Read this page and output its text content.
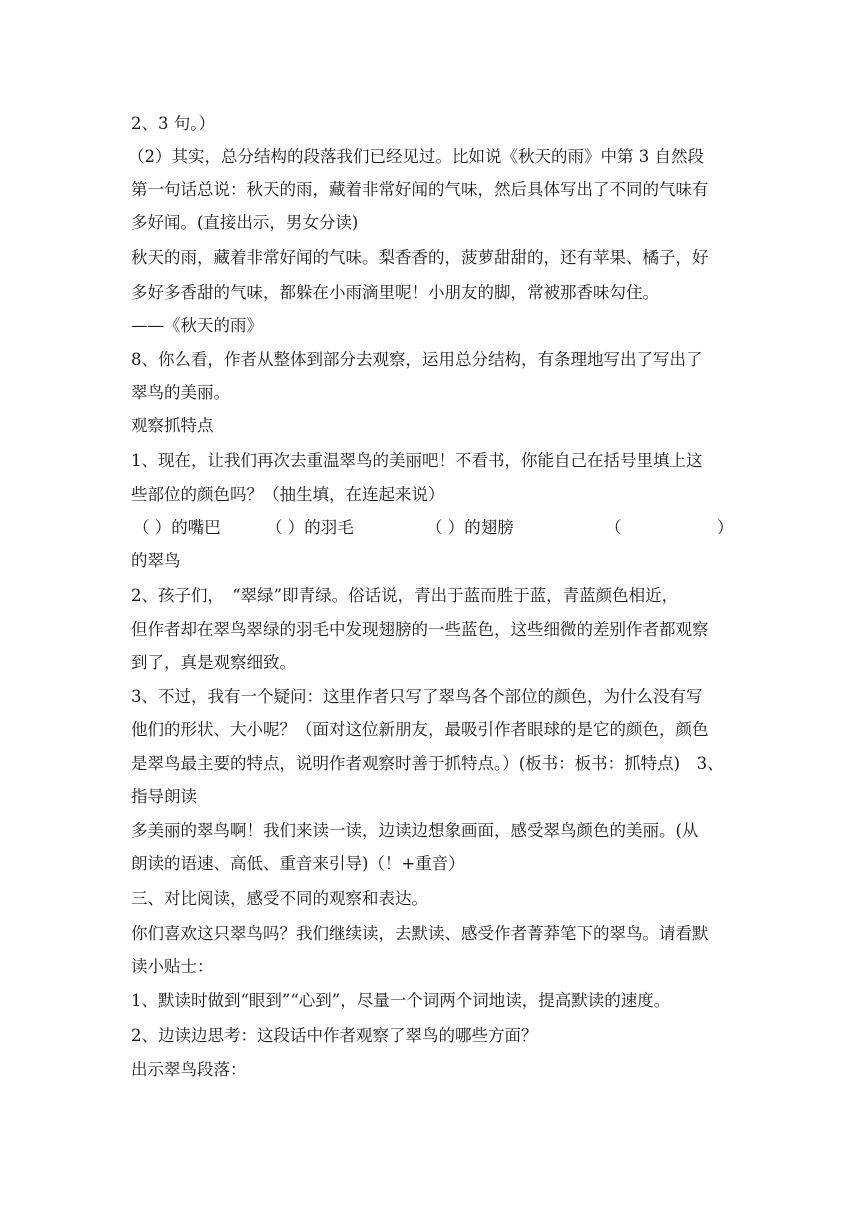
2、3 句。）
（2）其实，总分结构的段落我们已经见过。比如说《秋天的雨》中第 3 自然段
第一句话总说：秋天的雨，藏着非常好闻的气味，然后具体写出了不同的气味有
多好闻。(直接出示，男女分读)
秋天的雨，藏着非常好闻的气味。梨香香的，菠萝甜甜的，还有苹果、橘子，好
多好多香甜的气味，都躲在小雨滴里呢！小朋友的脚，常被那香味勾住。
——《秋天的雨》
8、你么看，作者从整体到部分去观察，运用总分结构，有条理地写出了写出了
翠鸟的美丽。
观察抓特点
1、现在，让我们再次去重温翠鸟的美丽吧！不看书，你能自己在括号里填上这
些部位的颜色吗？（抽生填，在连起来说）
（ ）的嘴巴	（ ）的羽毛	（ ）的翅膀	（	）
的翠鸟
2、孩子们，　“翠绿”即青绿。俗话说，青出于蓝而胜于蓝，青蓝颜色相近，
但作者却在翠鸟翠绿的羽毛中发现翅膀的一些蓝色，这些细微的差别作者都观察
到了，真是观察细致。
3、不过，我有一个疑问：这里作者只写了翠鸟各个部位的颜色，为什么没有写
他们的形状、大小呢？（面对这位新朋友，最吸引作者眼球的是它的颜色，颜色
是翠鸟最主要的特点，说明作者观察时善于抓特点。）(板书：板书：抓特点)　3、
指导朗读
多美丽的翠鸟啊！我们来读一读，边读边想象画面，感受翠鸟颜色的美丽。(从
朗读的语速、高低、重音来引导)（！+重音）
三、对比阅读，感受不同的观察和表达。
你们喜欢这只翠鸟吗？我们继续读，去默读、感受作者菁莽笔下的翠鸟。请看默
读小贴士：
1、默读时做到“眼到”“心到”，尽量一个词两个词地读，提高默读的速度。
2、边读边思考：这段话中作者观察了翠鸟的哪些方面？
出示翠鸟段落：
